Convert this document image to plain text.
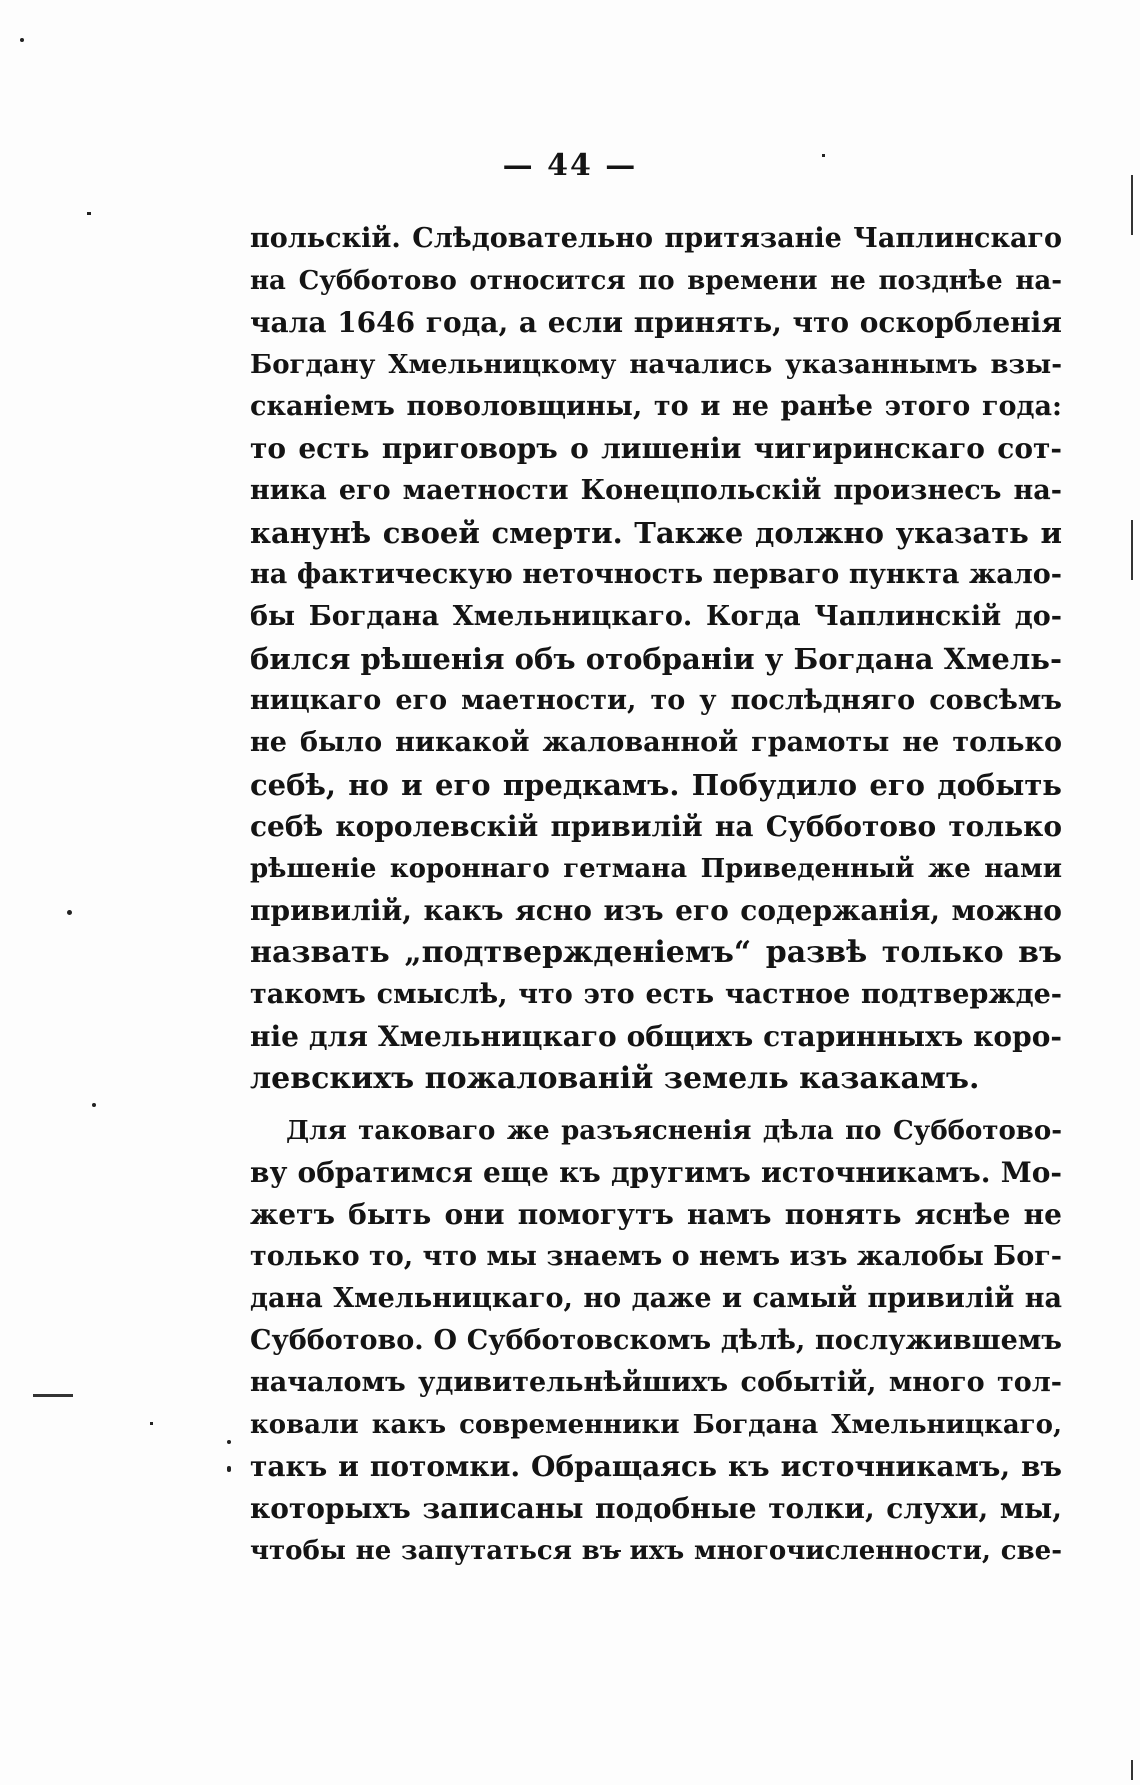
— 44 —
польскій. Слѣдовательно притязаніе Чаплинскаго
на Субботово относится по времени не позднѣе на-
чала 1646 года, а если принять, что оскорбленія
Богдану Хмельницкому начались указаннымъ взы-
сканіемъ поволовщины, то и не ранѣе этого года:
то есть приговоръ о лишеніи чигиринскаго сот-
ника его маетности Конецпольскій произнесъ на-
канунѣ своей смерти. Также должно указать и
на фактическую неточность перваго пункта жало-
бы Богдана Хмельницкаго. Когда Чаплинскій до-
бился рѣшенія объ отобраніи у Богдана Хмель-
ницкаго его маетности, то у послѣдняго совсѣмъ
не было никакой жалованной грамоты не только
себѣ, но и его предкамъ. Побудило его добыть
себѣ королевскій привилій на Субботово только
рѣшеніе короннаго гетмана Приведенный же нами
привилій, какъ ясно изъ его содержанія, можно
назвать „подтвержденіемъ“ развѣ только въ
такомъ смыслѣ, что это есть частное подтвержде-
ніе для Хмельницкаго общихъ старинныхъ коро-
левскихъ пожалованій земель казакамъ.
Для таковаго же разъясненія дѣла по Субботово-
ву обратимся еще къ другимъ источникамъ. Мо-
жетъ быть они помогутъ намъ понять яснѣе не
только то, что мы знаемъ о немъ изъ жалобы Бог-
дана Хмельницкаго, но даже и самый привилій на
Субботово. О Субботовскомъ дѣлѣ, послужившемъ
началомъ удивительнѣйшихъ событій, много тол-
ковали какъ современники Богдана Хмельницкаго,
такъ и потомки. Обращаясь къ источникамъ, въ
которыхъ записаны подобные толки, слухи, мы,
чтобы не запутаться въ ихъ многочисленности, све-
